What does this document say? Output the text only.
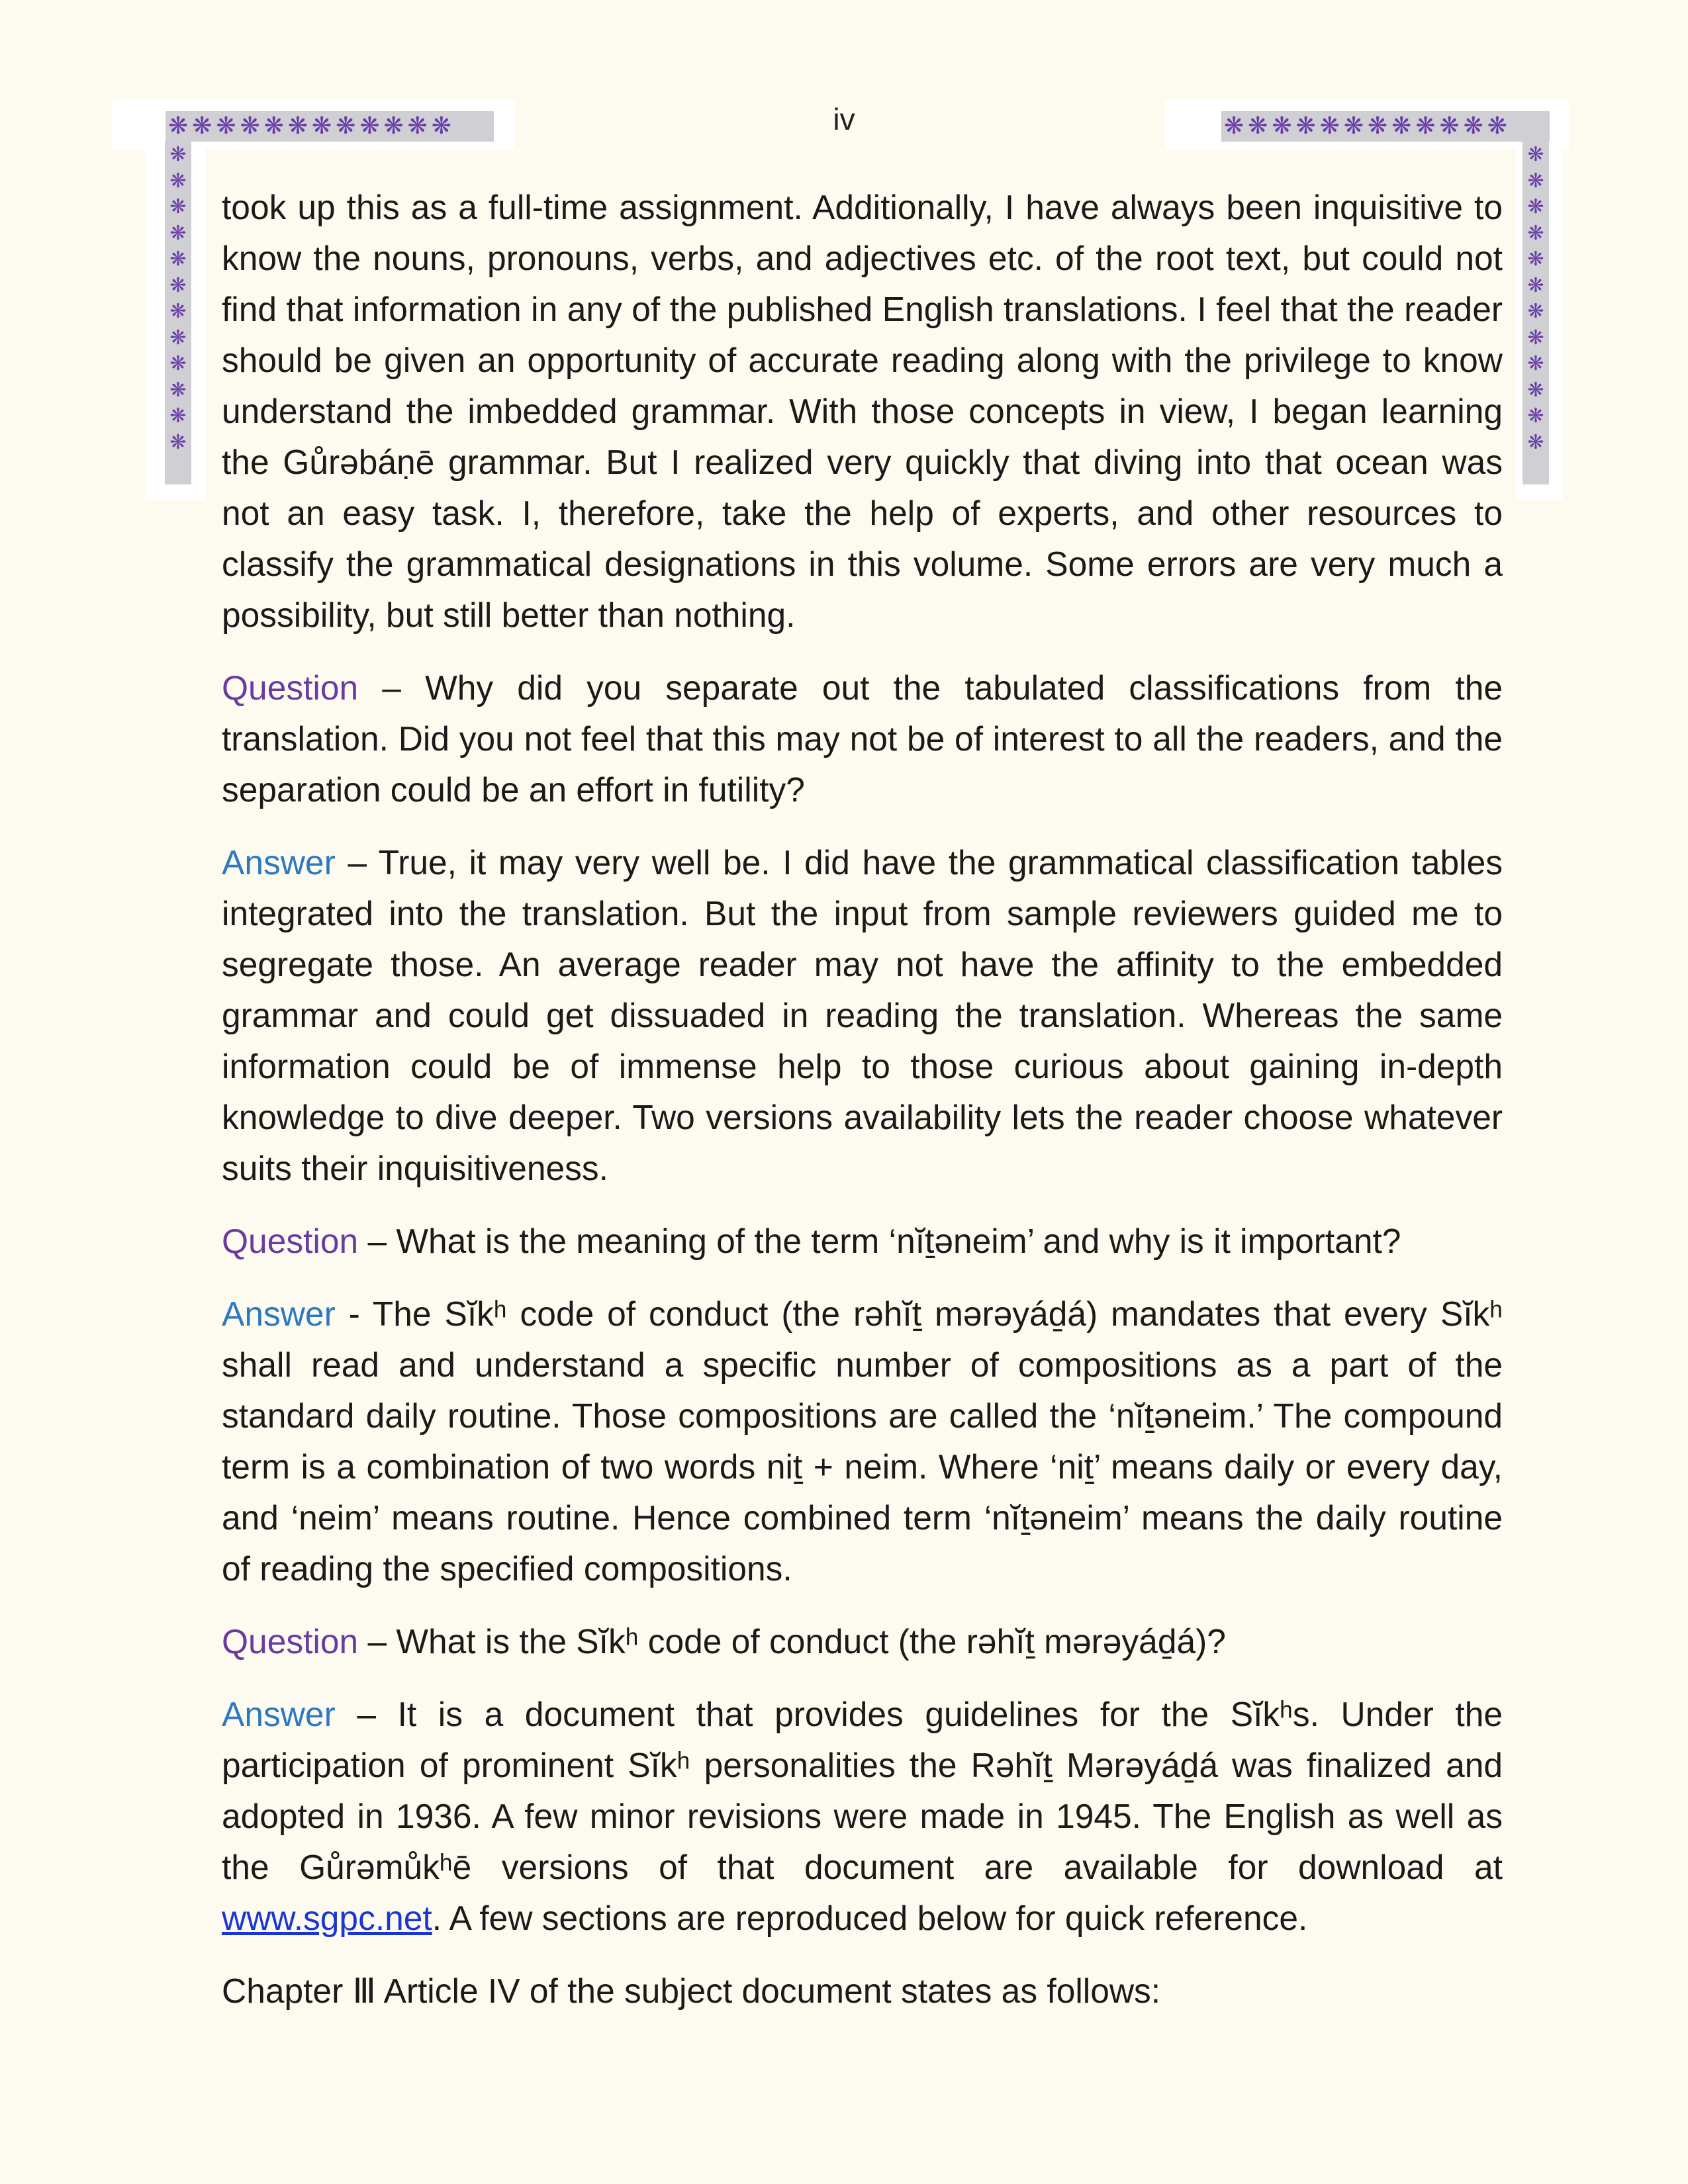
❋❋❋❋❋❋❋❋❋❋❋❋	❋❋❋❋❋❋❋❋❋❋❋❋
❋❋❋❋❋❋❋❋❋❋❋❋
❋❋❋❋❋❋❋❋❋❋❋❋
iv

took up this as a full-time assignment. Additionally, I have always been inquisitive to know the nouns, pronouns, verbs, and adjectives etc. of the root text, but could not find that information in any of the published English translations. I feel that the reader should be given an opportunity of accurate reading along with the privilege to know understand the imbedded grammar. With those concepts in view, I began learning the Gůrəbáṇē grammar. But I realized very quickly that diving into that ocean was not an easy task. I, therefore, take the help of experts, and other resources to classify the grammatical designations in this volume. Some errors are very much a possibility, but still better than nothing.

Question – Why did you separate out the tabulated classifications from the translation. Did you not feel that this may not be of interest to all the readers, and the separation could be an effort in futility?

Answer – True, it may very well be. I did have the grammatical classification tables integrated into the translation. But the input from sample reviewers guided me to segregate those. An average reader may not have the affinity to the embedded grammar and could get dissuaded in reading the translation. Whereas the same information could be of immense help to those curious about gaining in-depth knowledge to dive deeper. Two versions availability lets the reader choose whatever suits their inquisitiveness.

Question – What is the meaning of the term ‘nĭṯəneim’ and why is it important?

Answer - The Sĭkʰ code of conduct (the rəhĭṯ mərəyáḏá) mandates that every Sĭkʰ shall read and understand a specific number of compositions as a part of the standard daily routine. Those compositions are called the ‘nĭṯəneim.’ The compound term is a combination of two words niṯ + neim. Where ‘niṯ’ means daily or every day, and ‘neim’ means routine. Hence combined term ‘nĭṯəneim’ means the daily routine of reading the specified compositions.

Question – What is the Sĭkʰ code of conduct (the rəhĭṯ mərəyáḏá)?

Answer – It is a document that provides guidelines for the Sĭkʰs. Under the participation of prominent Sĭkʰ personalities the Rəhĭṯ Mərəyáḏá was finalized and adopted in 1936. A few minor revisions were made in 1945. The English as well as the Gůrəmůkʰē versions of that document are available for download at www.sgpc.net. A few sections are reproduced below for quick reference.

Chapter Ⅲ Article IV of the subject document states as follows:
